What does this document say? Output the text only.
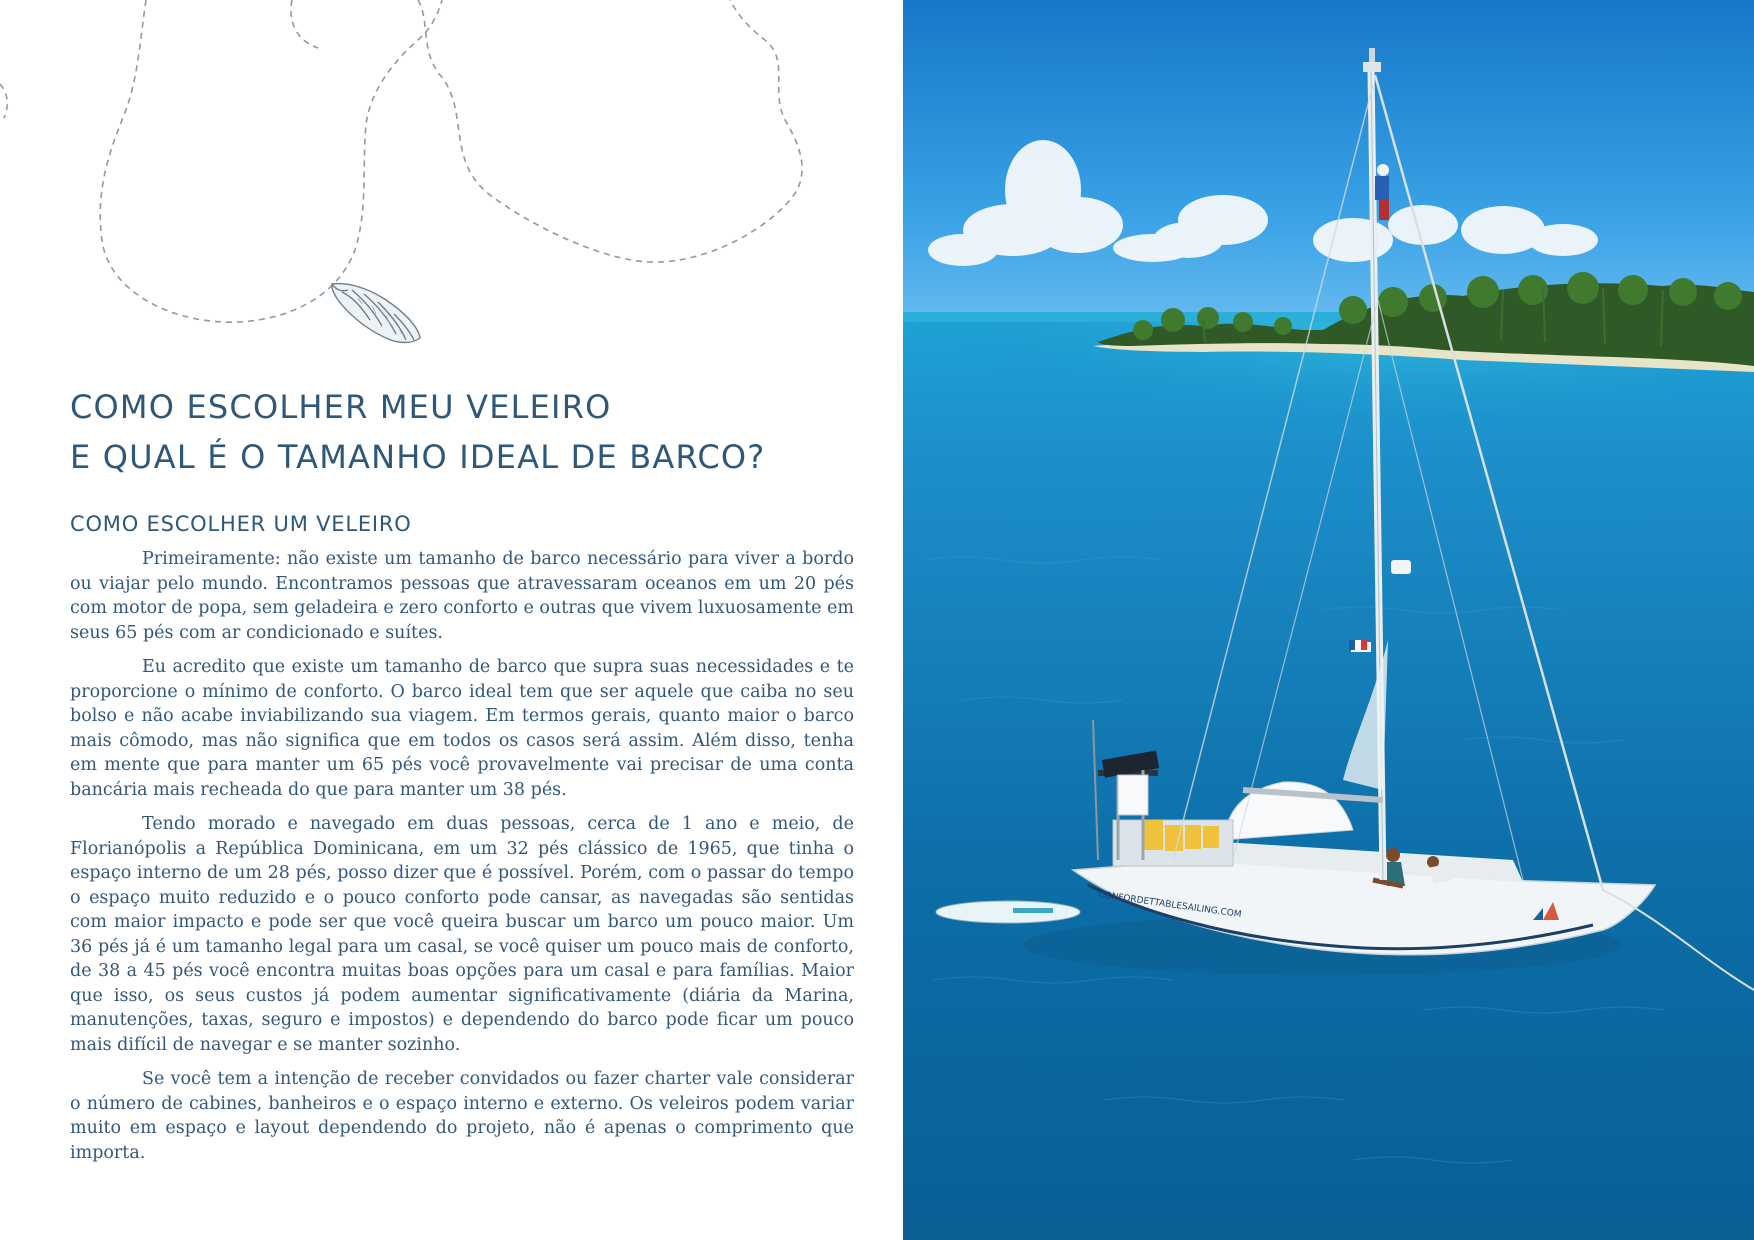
COMO ESCOLHER MEU VELEIRO
E QUAL É O TAMANHO IDEAL DE BARCO?
COMO ESCOLHER UM VELEIRO

Primeiramente: não existe um tamanho de barco necessário para viver a bordo ou viajar pelo mundo. Encontramos pessoas que atravessaram oceanos em um 20 pés com motor de popa, sem geladeira e zero conforto e outras que vivem luxuosamente em seus 65 pés com ar condicionado e suítes.

Eu acredito que existe um tamanho de barco que supra suas necessidades e te proporcione o mínimo de conforto. O barco ideal tem que ser aquele que caiba no seu bolso e não acabe inviabilizando sua viagem. Em termos gerais, quanto maior o barco mais cômodo, mas não significa que em todos os casos será assim. Além disso, tenha em mente que para manter um 65 pés você provavelmente vai precisar de uma conta bancária mais recheada do que para manter um 38 pés.

Tendo morado e navegado em duas pessoas, cerca de 1 ano e meio, de Florianópolis a República Dominicana, em um 32 pés clássico de 1965, que tinha o espaço interno de um 28 pés, posso dizer que é possível. Porém, com o passar do tempo o espaço muito reduzido e o pouco conforto pode cansar, as navegadas são sentidas com maior impacto e pode ser que você queira buscar um barco um pouco maior. Um 36 pés já é um tamanho legal para um casal, se você quiser um pouco mais de conforto, de 38 a 45 pés você encontra muitas boas opções para um casal e para famílias. Maior que isso, os seus custos já podem aumentar significativamente (diária da Marina, manutenções, taxas, seguro e impostos) e dependendo do barco pode ficar um pouco mais difícil de navegar e se manter sozinho.

Se você tem a intenção de receber convidados ou fazer charter vale considerar o número de cabines, banheiros e o espaço interno e externo. Os veleiros podem variar muito em espaço e layout dependendo do projeto, não é apenas o comprimento que importa.

CONFORDETTABLESAILING.COM
